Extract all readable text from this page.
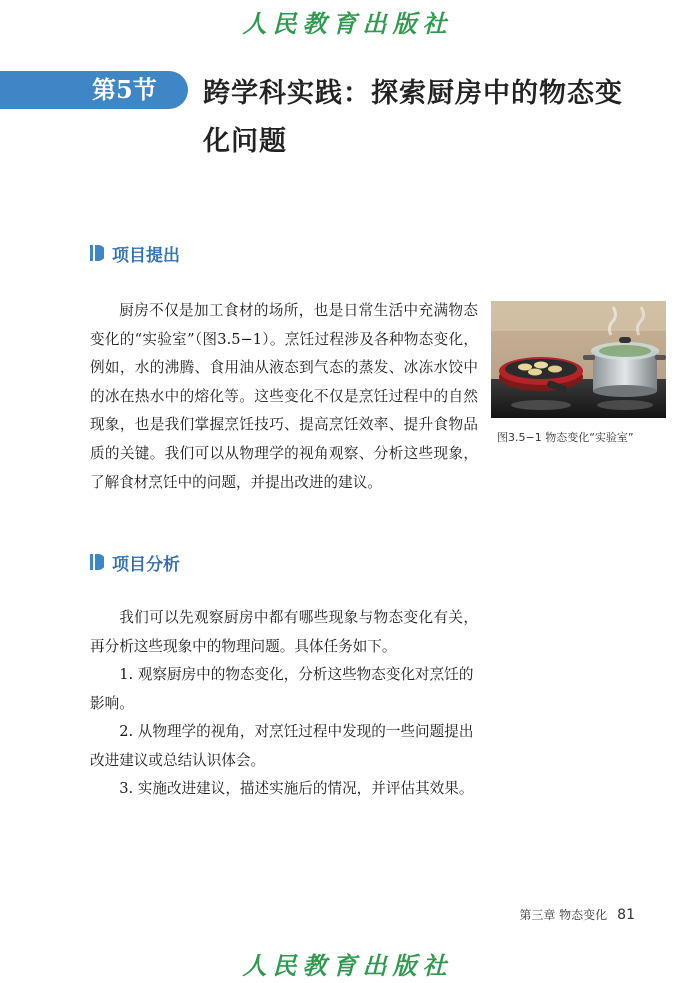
人民教育出版社
第5节	跨学科实践：探索厨房中的物态变化问题
项目提出

厨房不仅是加工食材的场所，也是日常生活中充满物态变化的“实验室”（图3.5−1）。烹饪过程涉及各种物态变化，例如，水的沸腾、食用油从液态到气态的蒸发、冰冻水饺中的冰在热水中的熔化等。这些变化不仅是烹饪过程中的自然现象，也是我们掌握烹饪技巧、提高烹饪效率、提升食物品质的关键。我们可以从物理学的视角观察、分析这些现象，了解食材烹饪中的问题，并提出改进的建议。

图3.5−1 物态变化“实验室”
项目分析

我们可以先观察厨房中都有哪些现象与物态变化有关，再分析这些现象中的物理问题。具体任务如下。

1. 观察厨房中的物态变化，分析这些物态变化对烹饪的影响。

2. 从物理学的视角，对烹饪过程中发现的一些问题提出改进建议或总结认识体会。

3. 实施改进建议，描述实施后的情况，并评估其效果。

第三章 物态变化 81
人民教育出版社
